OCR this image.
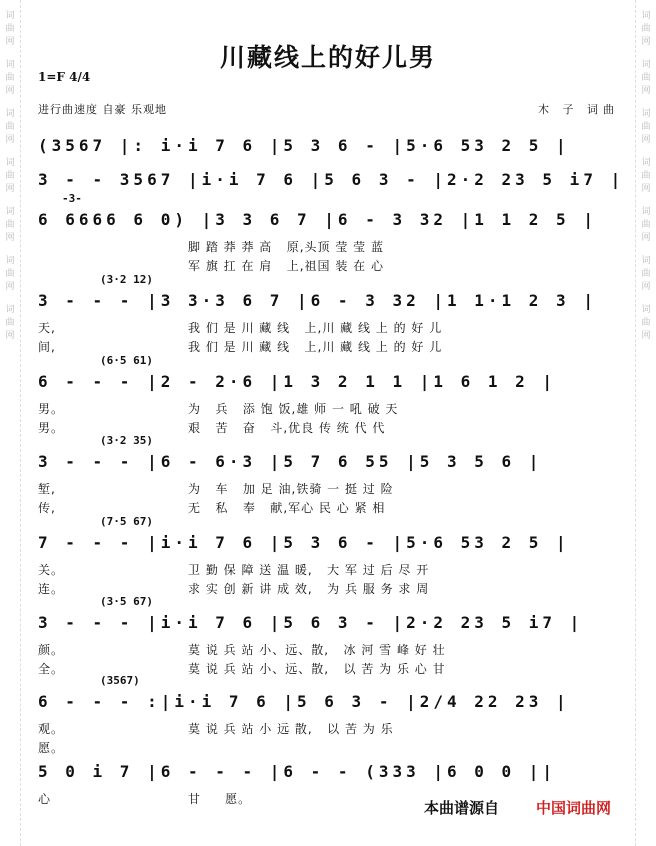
词
曲
网
词
曲
网
词
曲
网
词
曲
网
词
曲
网
词
曲
网
词
曲
网
词
曲
网
词
曲
网
词
曲
网
词
曲
网
词
曲
网
词
曲
网
词
曲
网
川藏线上的好儿男
1=F 4/4
进行曲速度 自豪 乐观地	木 子 词曲
(3567 |: i·i 7 6 |5 3 6 - |5·6 53 2 5 |
3 - - 3567 |i·i 7 6 |5 6 3 - |2·2 23 5 i7 |
-3-
6 6666 6 0) |3 3 6 7 |6 - 3 32 |1 1 2 5 |
脚 踏 莽 莽 高   原,头顶 莹 莹 蓝
军 旗 扛 在 肩   上,祖国 装 在 心
(3·2 12)
3 - - - |3 3·3 6 7 |6 - 3 32 |1 1·1 2 3 |
天,	我 们 是 川 藏 线   上,川 藏 线 上 的 好 儿
间,	我 们 是 川 藏 线   上,川 藏 线 上 的 好 儿
(6·5 61)
6 - - - |2 - 2·6 |1 3 2 1 1 |1 6 1 2 |
男。	为   兵   添 饱 饭,雄 师 一 吼 破 天
男。	艰   苦   奋   斗,优良 传 统 代 代
(3·2 35)
3 - - - |6 - 6·3 |5 7 6 55 |5 3 5 6 |
堑,	为   车   加 足 油,铁骑 一 挺 过 险
传,	无   私   奉   献,军心 民 心 紧 相
(7·5 67)
7 - - - |i·i 7 6 |5 3 6 - |5·6 53 2 5 |
关。	卫 勤 保 障 送 温 暖,   大 军 过 后 尽 开
连。	求 实 创 新 讲 成 效,   为 兵 服 务 求 周
(3·5 67)
3 - - - |i·i 7 6 |5 6 3 - |2·2 23 5 i7 |
颜。	莫 说 兵 站 小、远、散,   冰 河 雪 峰 好 壮
全。	莫 说 兵 站 小、远、散,   以 苦 为 乐 心 甘
(3567)
6 - - - :|i·i 7 6 |5 6 3 - |2/4 22 23 |
观。	莫 说 兵 站 小 远 散,   以 苦 为 乐
愿。
5 0 i 7 |6 - - - |6 - - (333 |6 0 0 ||
心	甘     愿。	本曲谱源自 中国词曲网
